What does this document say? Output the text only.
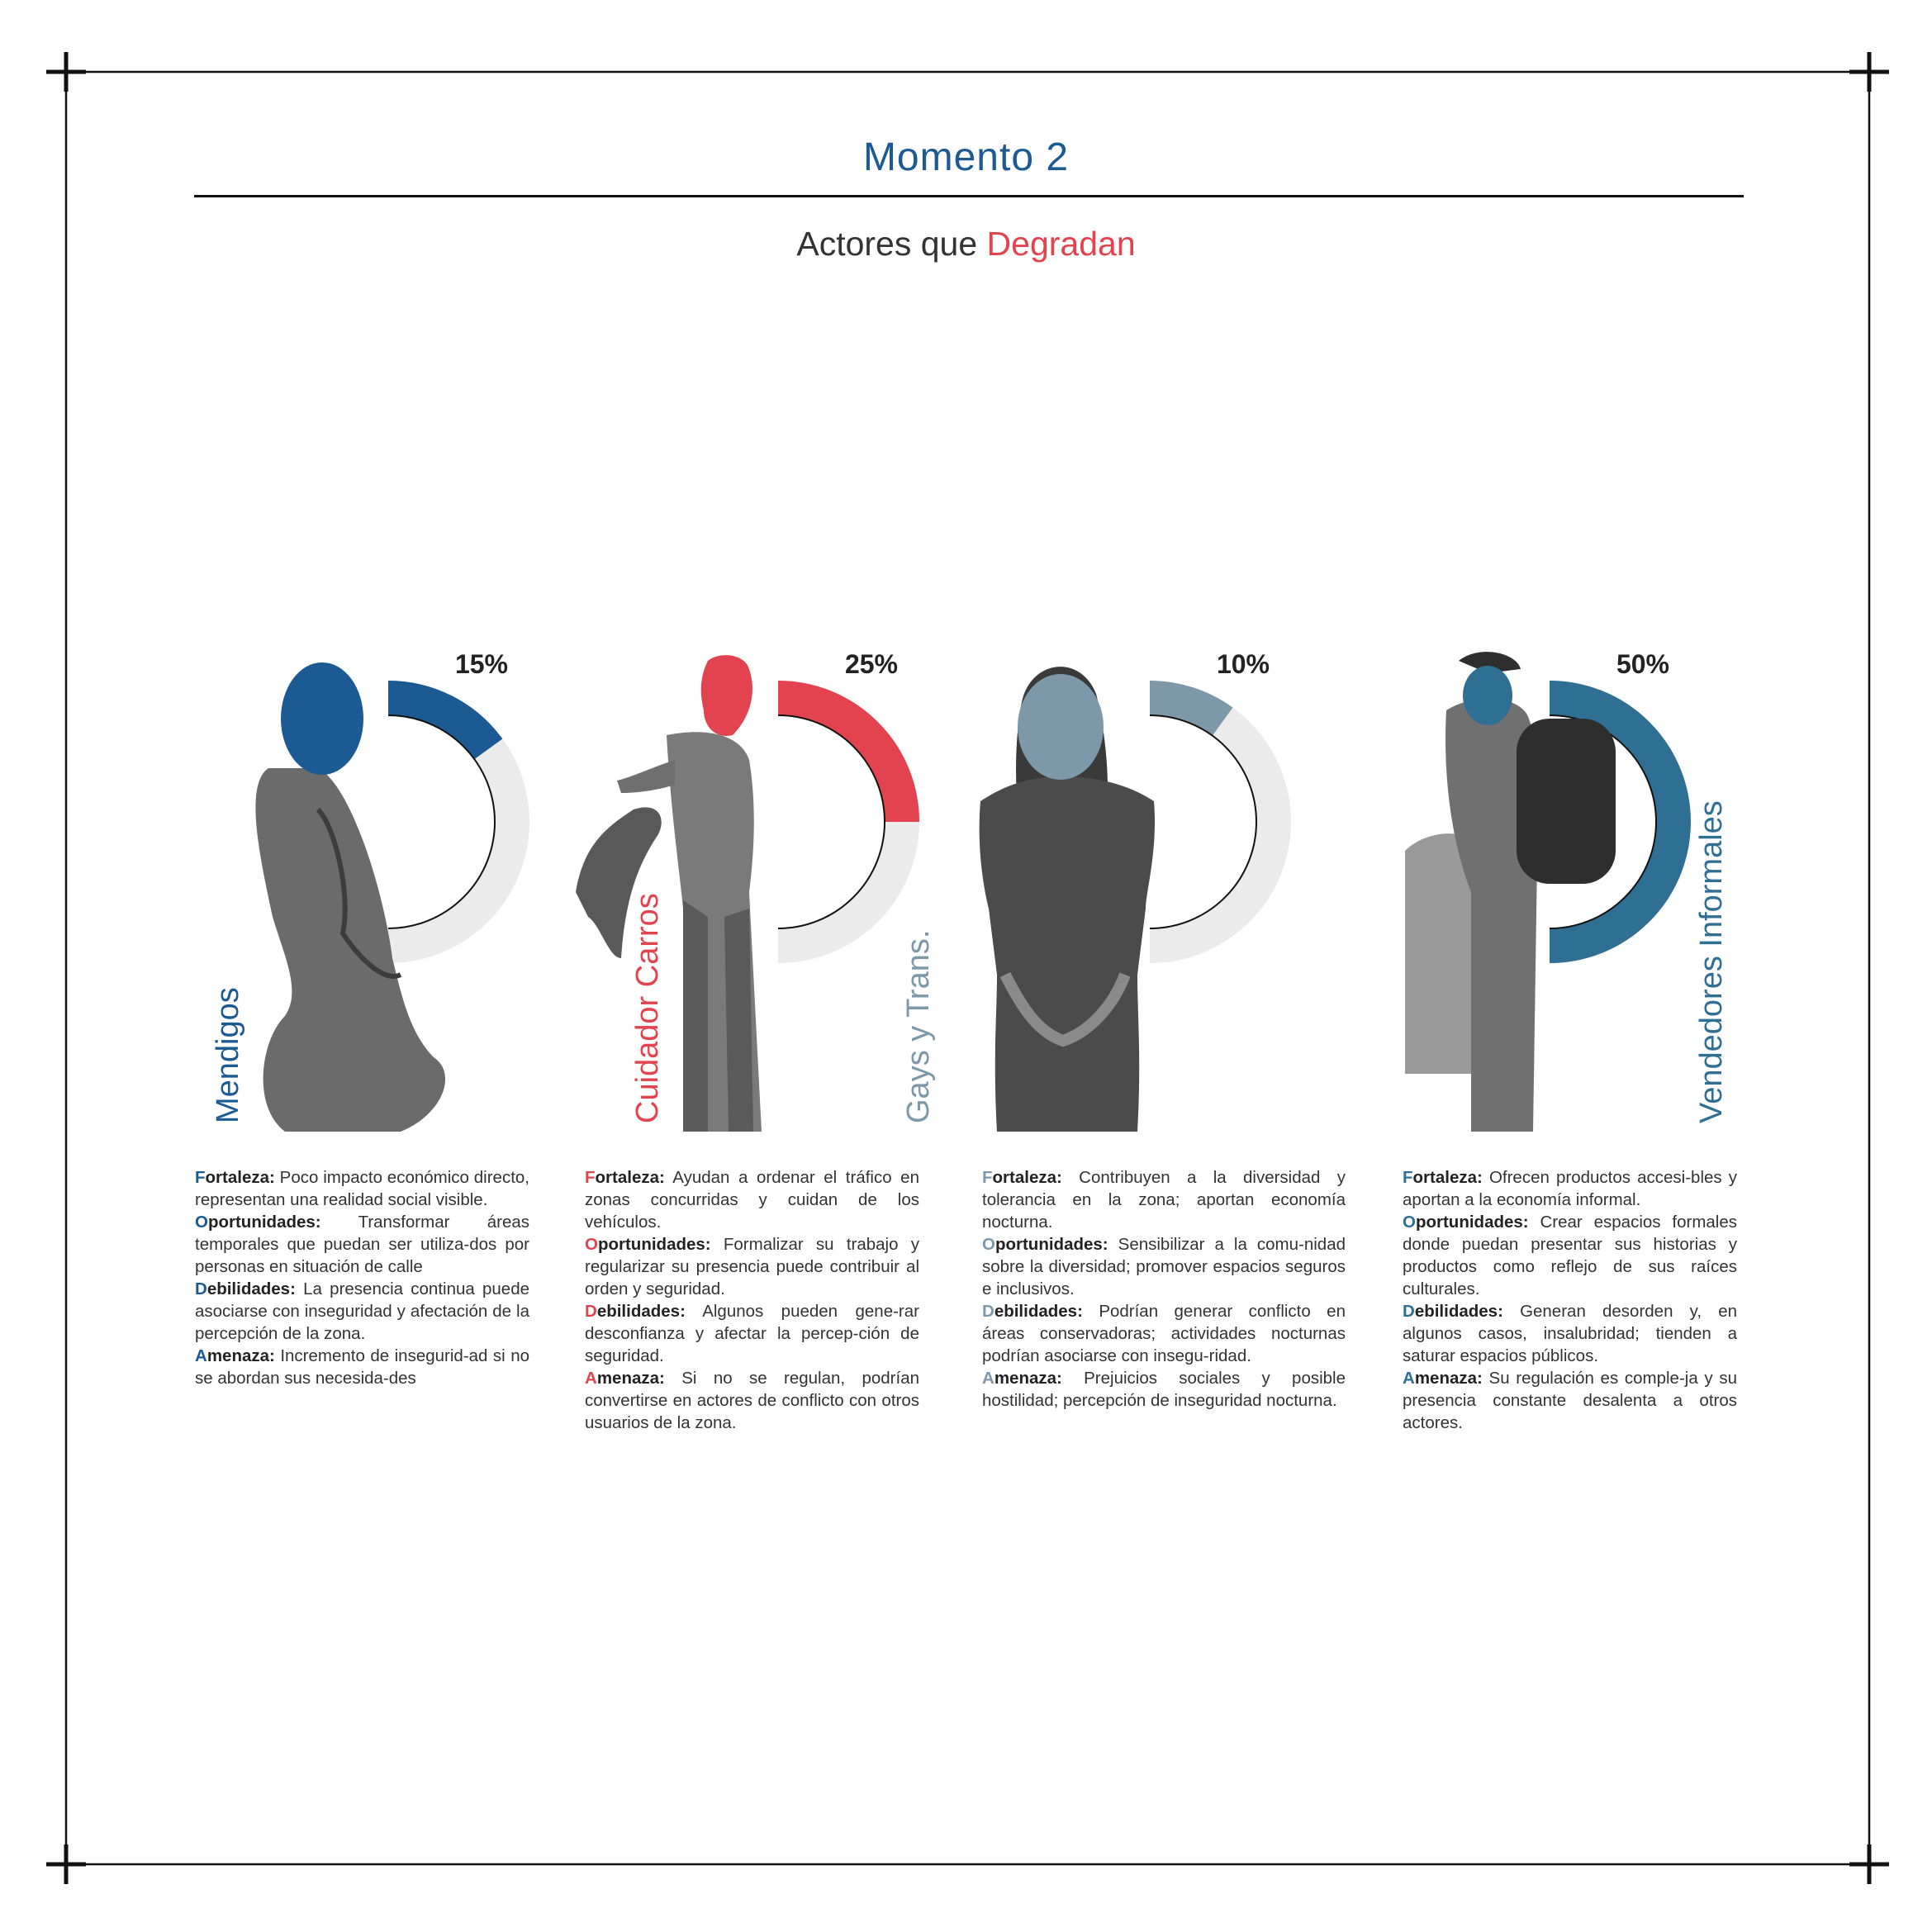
Momento 2
Actores que Degradan
15%
Mendigos
25%
Cuidador Carros
10%
Gays y Trans.
50%
Vendedores Informales

Fortaleza: Poco impacto económico directo, representan una realidad social visible.

Oportunidades: Transformar áreas temporales que puedan ser utiliza-dos por personas en situación de calle

Debilidades: La presencia continua puede asociarse con inseguridad y afectación de la percepción de la zona.

Amenaza: Incremento de insegurid-ad si no se abordan sus necesida-des

Fortaleza: Ayudan a ordenar el tráfico en zonas concurridas y cuidan de los vehículos.

Oportunidades: Formalizar su trabajo y regularizar su presencia puede contribuir al orden y seguridad.

Debilidades: Algunos pueden gene-rar desconfianza y afectar la percep-ción de seguridad.

Amenaza: Si no se regulan, podrían convertirse en actores de conflicto con otros usuarios de la zona.

Fortaleza: Contribuyen a la diversidad y tolerancia en la zona; aportan economía nocturna.

Oportunidades: Sensibilizar a la comu-nidad sobre la diversidad; promover espacios seguros e inclusivos.

Debilidades: Podrían generar conflicto en áreas conservadoras; actividades nocturnas podrían asociarse con insegu-ridad.

Amenaza: Prejuicios sociales y posible hostilidad; percepción de inseguridad nocturna.

Fortaleza: Ofrecen productos accesi-bles y aportan a la economía informal.

Oportunidades: Crear espacios formales donde puedan presentar sus historias y productos como reflejo de sus raíces culturales.

Debilidades: Generan desorden y, en algunos casos, insalubridad; tienden a saturar espacios públicos.

Amenaza: Su regulación es comple-ja y su presencia constante desalenta a otros actores.
